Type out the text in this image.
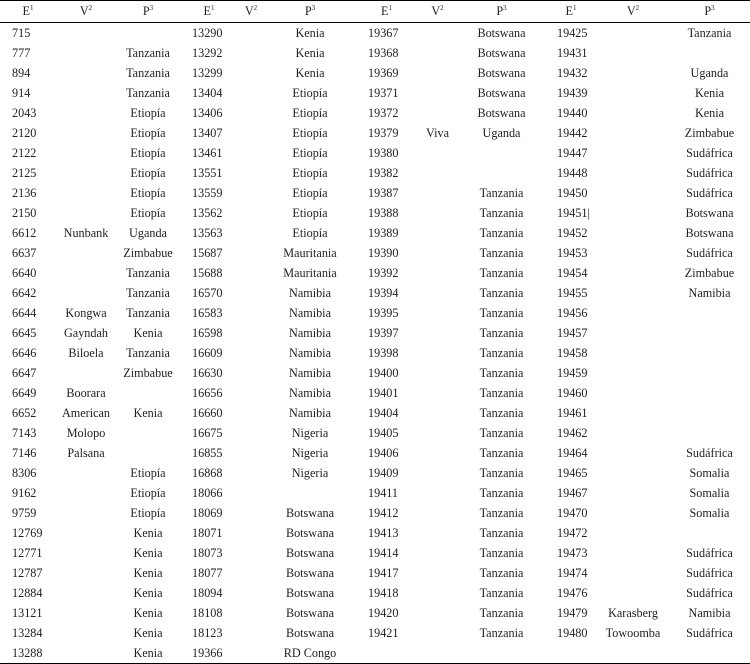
$E^1$	$V^2$	$P^3$	$E^1$	$V^2$	$P^3$	$E^1$	$V^2$	$P^3$	$E^1$	$V^2$	$P^3$
715			13290		Kenia	19367		Botswana	19425		Tanzania
777		Tanzania	13292		Kenia	19368		Botswana	19431		
894		Tanzania	13299		Kenia	19369		Botswana	19432		Uganda
914		Tanzania	13404		Etiopía	19371		Botswana	19439		Kenia
2043		Etiopía	13406		Etiopía	19372		Botswana	19440		Kenia
2120		Etiopía	13407		Etiopía	19379	Viva	Uganda	19442		Zimbabue
2122		Etiopía	13461		Etiopía	19380			19447		Sudáfrica
2125		Etiopía	13551		Etiopía	19382			19448		Sudáfrica
2136		Etiopía	13559		Etiopía	19387		Tanzania	19450		Sudáfrica
2150		Etiopía	13562		Etiopía	19388		Tanzania	19451|		Botswana
6612	Nunbank	Uganda	13563		Etiopía	19389		Tanzania	19452		Botswana
6637		Zimbabue	15687		Mauritania	19390		Tanzania	19453		Sudáfrica
6640		Tanzania	15688		Mauritania	19392		Tanzania	19454		Zimbabue
6642		Tanzania	16570		Namibia	19394		Tanzania	19455		Namibia
6644	Kongwa	Tanzania	16583		Namibia	19395		Tanzania	19456		
6645	Gayndah	Kenia	16598		Namibia	19397		Tanzania	19457		
6646	Biloela	Tanzania	16609		Namibia	19398		Tanzania	19458		
6647		Zimbabue	16630		Namibia	19400		Tanzania	19459		
6649	Boorara		16656		Namibia	19401		Tanzania	19460		
6652	American	Kenia	16660		Namibia	19404		Tanzania	19461		
7143	Molopo		16675		Nigeria	19405		Tanzania	19462		
7146	Palsana		16855		Nigeria	19406		Tanzania	19464		Sudáfrica
8306		Etiopía	16868		Nigeria	19409		Tanzania	19465		Somalia
9162		Etiopía	18066			19411		Tanzania	19467		Somalia
9759		Etiopía	18069		Botswana	19412		Tanzania	19470		Somalia
12769		Kenia	18071		Botswana	19413		Tanzania	19472		
12771		Kenia	18073		Botswana	19414		Tanzania	19473		Sudáfrica
12787		Kenia	18077		Botswana	19417		Tanzania	19474		Sudáfrica
12884		Kenia	18094		Botswana	19418		Tanzania	19476		Sudáfrica
13121		Kenia	18108		Botswana	19420		Tanzania	19479	Karasberg	Namibia
13284		Kenia	18123		Botswana	19421		Tanzania	19480	Towoomba	Sudáfrica
13288		Kenia	19366		RD Congo						
